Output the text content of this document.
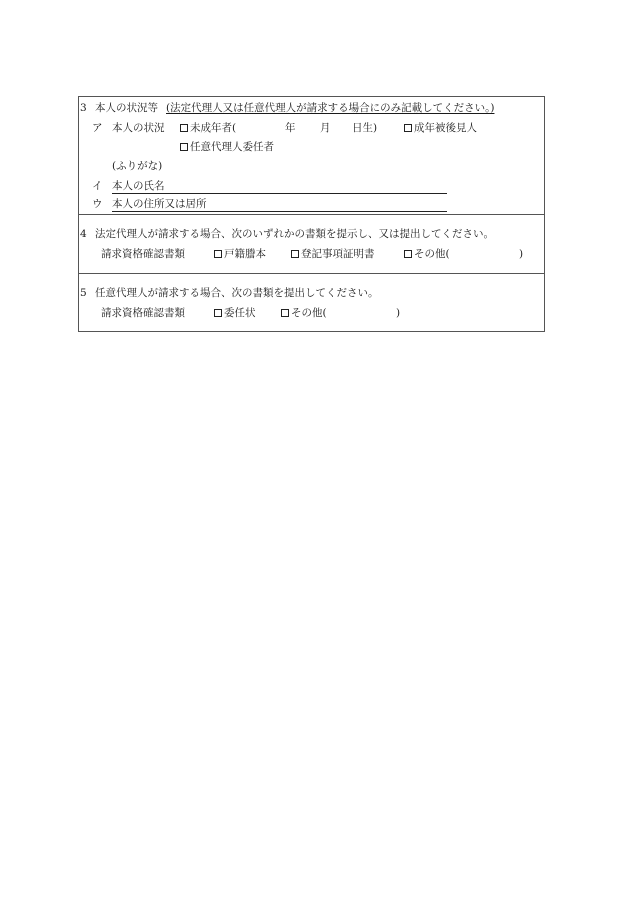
3 本人の状況等 (法定代理人又は任意代理人が請求する場合にのみ記載してください。)
ア 本人の状況	未成年者(	年 月 日生)	成年被後見人
任意代理人委任者
(ふりがな)
イ 本人の氏名
ウ 本人の住所又は居所
4 法定代理人が請求する場合、次のいずれかの書類を提示し、又は提出してください。
請求資格確認書類	戸籍謄本	登記事項証明書	その他(	)
5 任意代理人が請求する場合、次の書類を提出してください。
請求資格確認書類	委任状	その他(	)
